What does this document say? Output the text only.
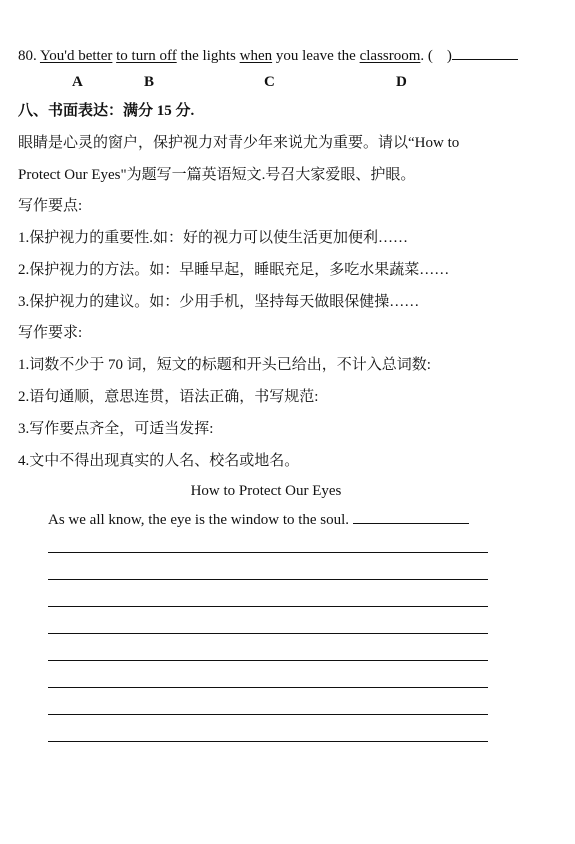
80. You'd better to turn off the lights when you leave the classroom. ( )
A	B	C	D
八、书面表达：满分 15 分.
眼睛是心灵的窗户，保护视力对青少年来说尤为重要。请以“How to
Protect Our Eyes"为题写一篇英语短文.号召大家爱眼、护眼。
写作要点:
1.保护视力的重要性.如：好的视力可以使生活更加便利……
2.保护视力的方法。如：早睡早起，睡眠充足，多吃水果蔬菜……
3.保护视力的建议。如：少用手机，坚持每天做眼保健操……
写作要求:
1.词数不少于 70 词，短文的标题和开头已给出，不计入总词数:
2.语句通顺，意思连贯，语法正确，书写规范:
3.写作要点齐全，可适当发挥:
4.文中不得出现真实的人名、校名或地名。
How to Protect Our Eyes
As we all know, the eye is the window to the soul.
